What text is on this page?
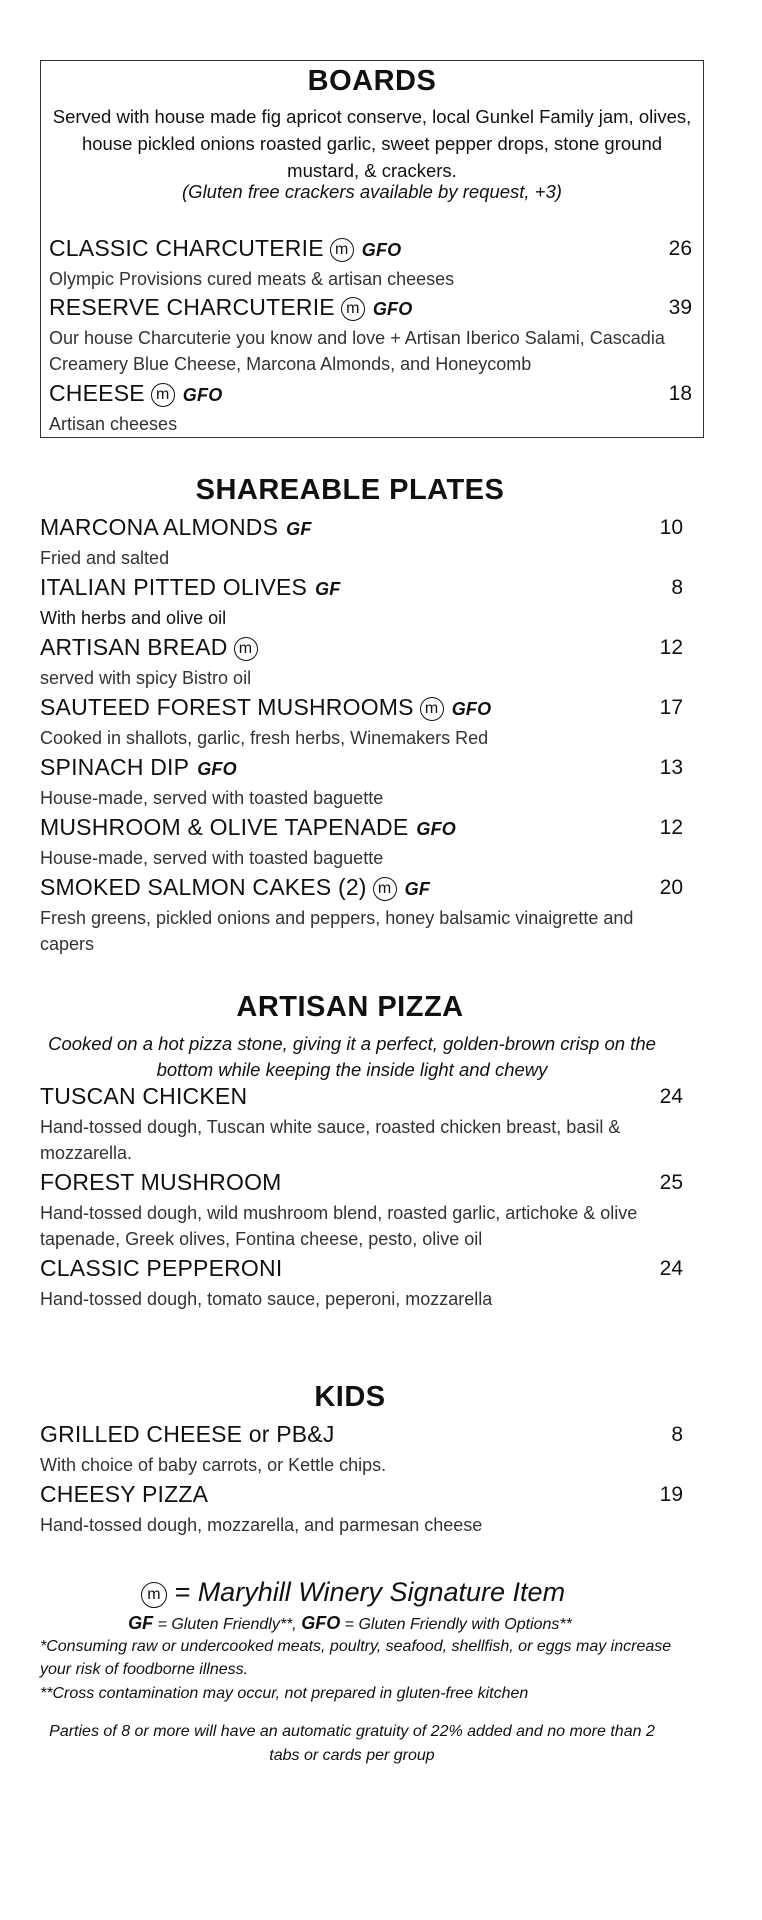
BOARDS
Served with house made fig apricot conserve, local Gunkel Family jam, olives, house pickled onions roasted garlic, sweet pepper drops, stone ground mustard, & crackers.
(Gluten free crackers available by request, +3)
CLASSIC CHARCUTERIE m GFO	26
Olympic Provisions cured meats & artisan cheeses
RESERVE CHARCUTERIE m GFO	39
Our house Charcuterie you know and love + Artisan Iberico Salami, Cascadia Creamery Blue Cheese, Marcona Almonds, and Honeycomb
CHEESE m GFO	18
Artisan cheeses
SHAREABLE PLATES
MARCONA ALMONDS GF	10
Fried and salted
ITALIAN PITTED OLIVES GF	8
With herbs and olive oil
ARTISAN BREAD m	12
served with spicy Bistro oil
SAUTEED FOREST MUSHROOMS m GFO	17
Cooked in shallots, garlic, fresh herbs, Winemakers Red
SPINACH DIP GFO	13
House-made, served with toasted baguette
MUSHROOM & OLIVE TAPENADE GFO	12
House-made, served with toasted baguette
SMOKED SALMON CAKES (2) m GF	20
Fresh greens, pickled onions and peppers, honey balsamic vinaigrette and capers
ARTISAN PIZZA
Cooked on a hot pizza stone, giving it a perfect, golden-brown crisp on the bottom while keeping the inside light and chewy
TUSCAN CHICKEN	24
Hand-tossed dough, Tuscan white sauce, roasted chicken breast, basil & mozzarella.
FOREST MUSHROOM	25
Hand-tossed dough, wild mushroom blend, roasted garlic, artichoke & olive tapenade, Greek olives, Fontina cheese, pesto, olive oil
CLASSIC PEPPERONI	24
Hand-tossed dough, tomato sauce, peperoni, mozzarella
KIDS
GRILLED CHEESE or PB&J	8
With choice of baby carrots, or Kettle chips.
CHEESY PIZZA	19
Hand-tossed dough, mozzarella, and parmesan cheese
m = Maryhill Winery Signature Item
GF = Gluten Friendly**, GFO = Gluten Friendly with Options**
*Consuming raw or undercooked meats, poultry, seafood, shellfish, or eggs may increase your risk of foodborne illness.
**Cross contamination may occur, not prepared in gluten-free kitchen
Parties of 8 or more will have an automatic gratuity of 22% added and no more than 2 tabs or cards per group
